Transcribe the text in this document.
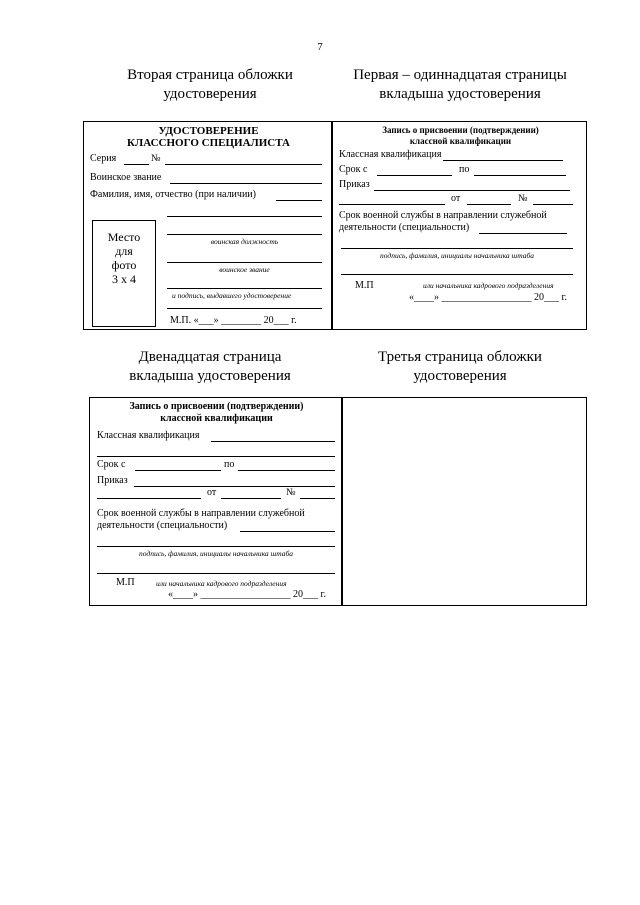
7
Вторая страница обложки
удостоверения
Первая – одиннадцатая страницы
вкладыша удостоверения
УДОСТОВЕРЕНИЕ
КЛАССНОГО СПЕЦИАЛИСТА
Серия	№
Воинское звание
Фамилия, имя, отчество (при наличии)
Место
для
фото
3 х 4
воинская должность
воинское звание
и подпись, выдавшего удостоверение
М.П. «___» ________ 20___ г.
Запись о присвоении (подтверждении)
классной квалификации
Классная квалификация
Срок с	по
Приказ
от	№
Срок военной службы в направлении служебной
деятельности (специальности)
подпись, фамилия, инициалы начальника штаба
М.П	или начальника кадрового подразделения
«____» __________________ 20___ г.
Двенадцатая страница
вкладыша удостоверения
Третья страница обложки
удостоверения
Запись о присвоении (подтверждении)
классной квалификации
Классная квалификация
Срок с	по
Приказ
от	№
Срок военной службы в направлении служебной
деятельности (специальности)
подпись, фамилия, инициалы начальника штаба
М.П	или начальника кадрового подразделения
«____» __________________ 20___ г.
